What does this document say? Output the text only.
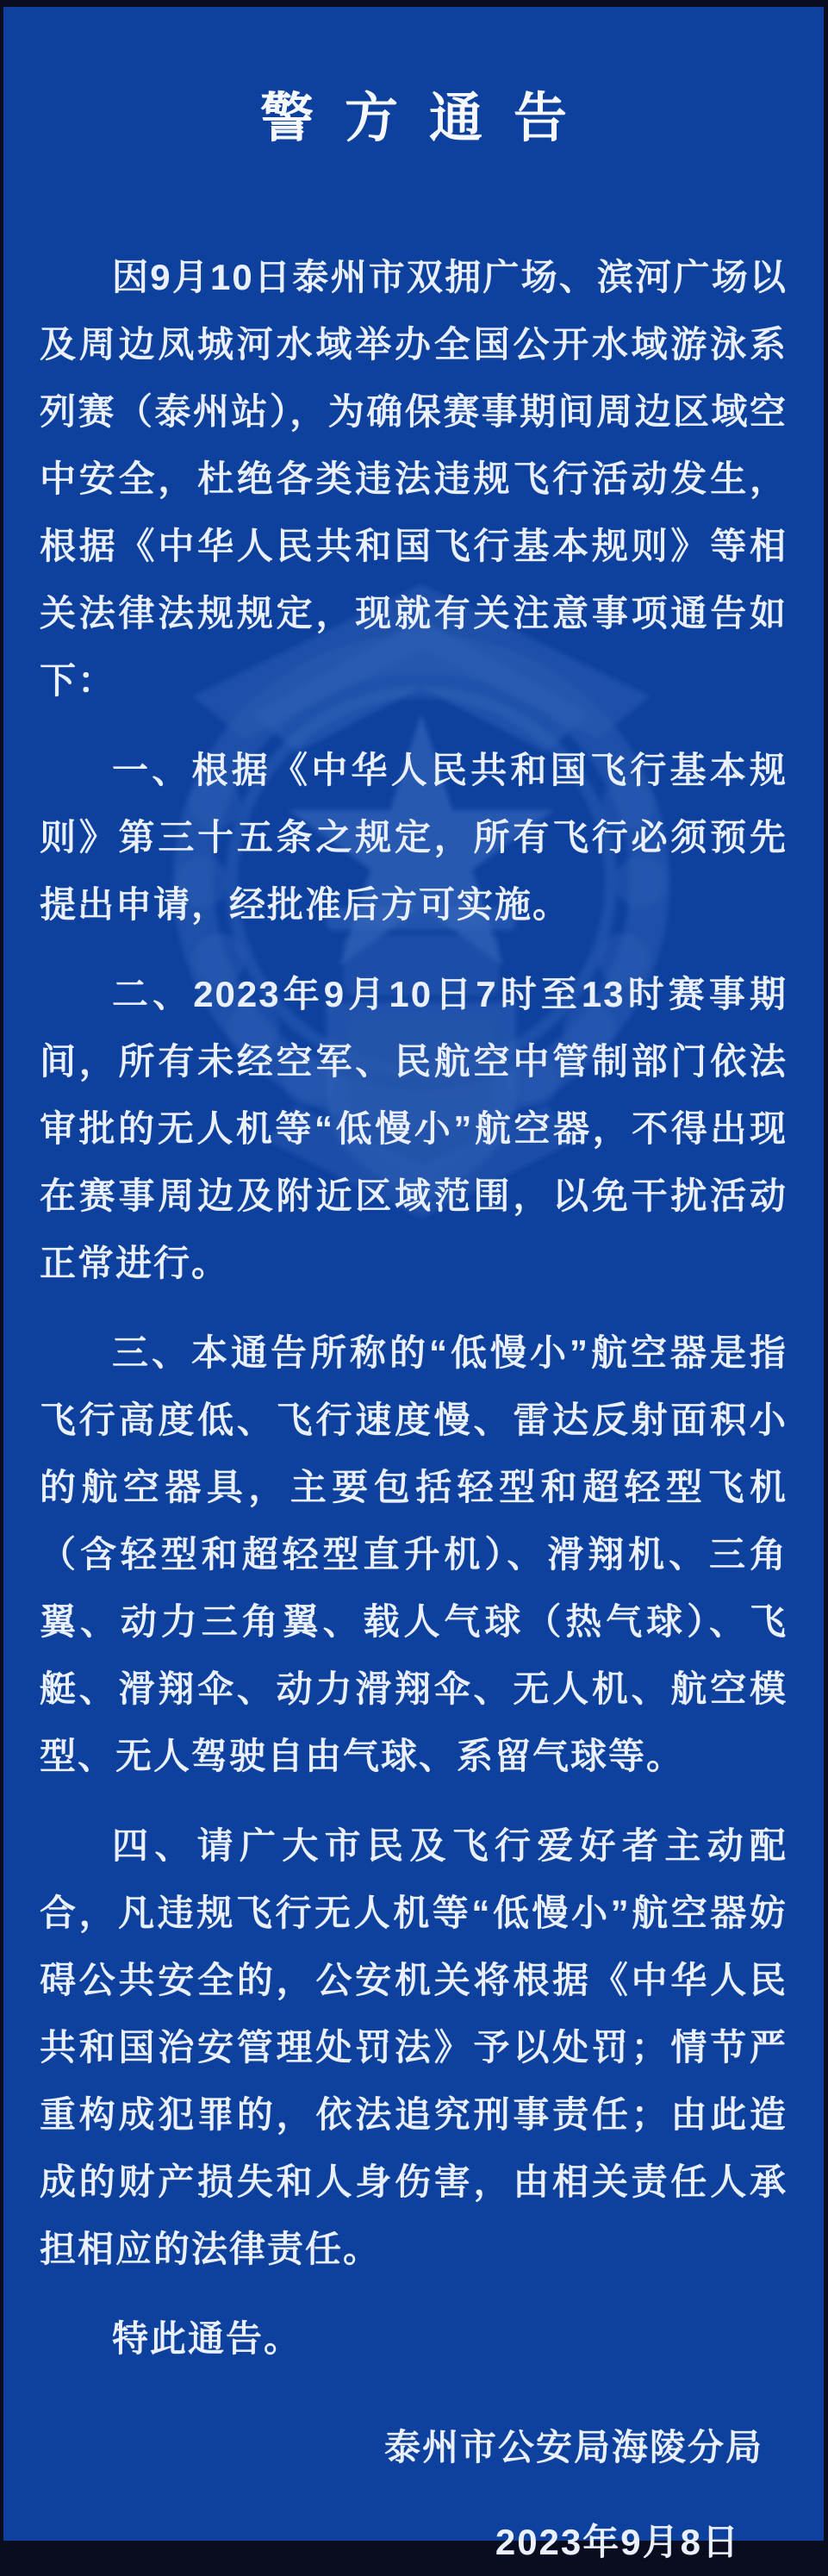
警方通告

因9月10日泰州市双拥广场、滨河广场以及周边凤城河水域举办全国公开水域游泳系列赛（泰州站），为确保赛事期间周边区域空中安全，杜绝各类违法违规飞行活动发生，根据《中华人民共和国飞行基本规则》等相关法律法规规定，现就有关注意事项通告如下：

一、根据《中华人民共和国飞行基本规则》第三十五条之规定，所有飞行必须预先提出申请，经批准后方可实施。

二、2023年9月10日7时至13时赛事期间，所有未经空军、民航空中管制部门依法审批的无人机等“低慢小”航空器，不得出现在赛事周边及附近区域范围，以免干扰活动正常进行。

三、本通告所称的“低慢小”航空器是指飞行高度低、飞行速度慢、雷达反射面积小的航空器具，主要包括轻型和超轻型飞机（含轻型和超轻型直升机）、滑翔机、三角翼、动力三角翼、载人气球（热气球）、飞艇、滑翔伞、动力滑翔伞、无人机、航空模型、无人驾驶自由气球、系留气球等。

四、请广大市民及飞行爱好者主动配合，凡违规飞行无人机等“低慢小”航空器妨碍公共安全的，公安机关将根据《中华人民共和国治安管理处罚法》予以处罚；情节严重构成犯罪的，依法追究刑事责任；由此造成的财产损失和人身伤害，由相关责任人承担相应的法律责任。

特此通告。

泰州市公安局海陵分局
2023年9月8日
